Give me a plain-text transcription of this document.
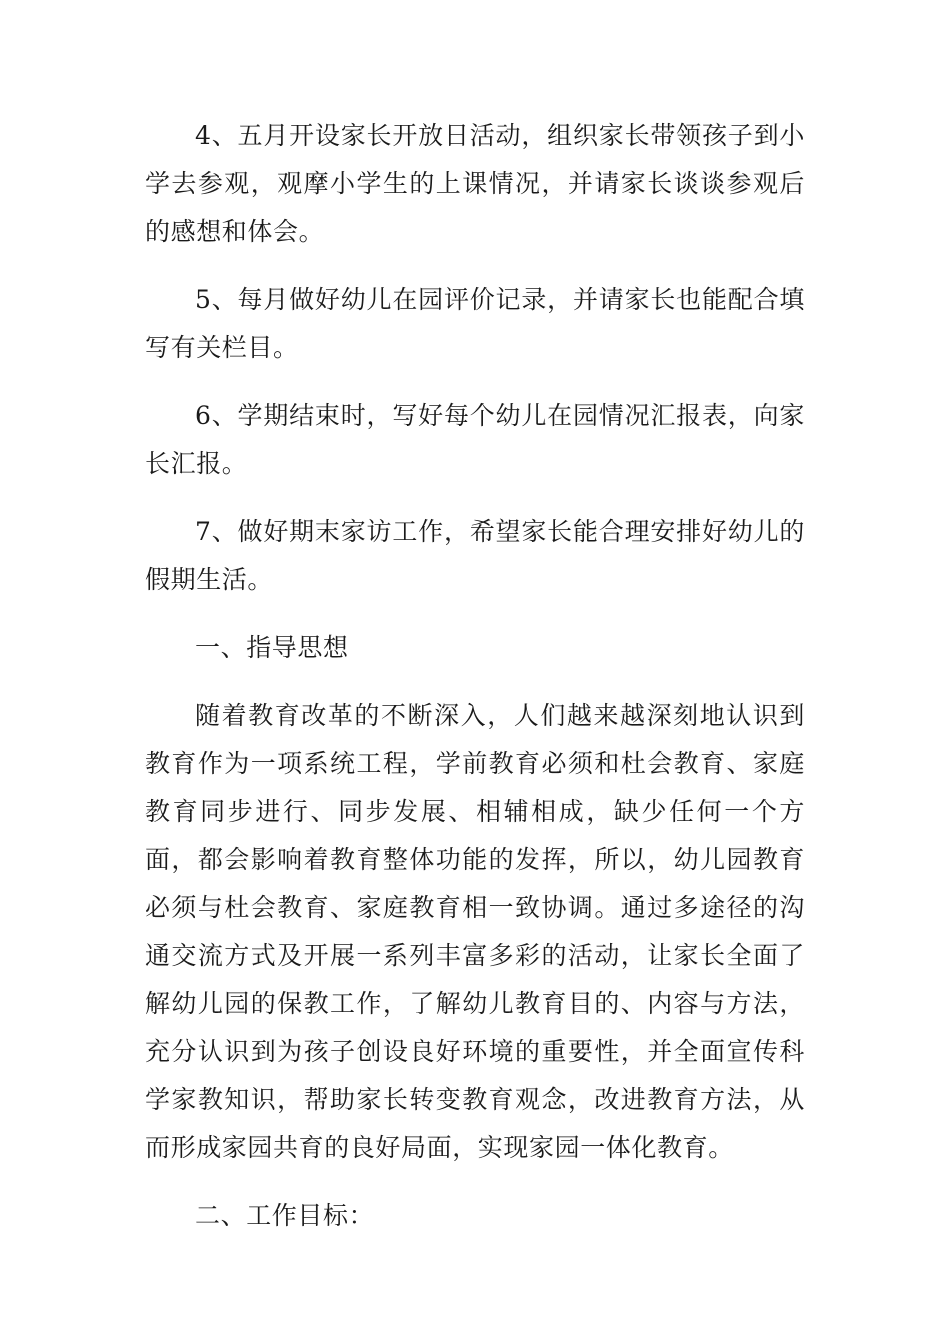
4、五月开设家长开放日活动，组织家长带领孩子到小学去参观，观摩小学生的上课情况，并请家长谈谈参观后的感想和体会。

5、每月做好幼儿在园评价记录，并请家长也能配合填写有关栏目。

6、学期结束时，写好每个幼儿在园情况汇报表，向家长汇报。

7、做好期末家访工作，希望家长能合理安排好幼儿的假期生活。

一、指导思想

随着教育改革的不断深入，人们越来越深刻地认识到教育作为一项系统工程，学前教育必须和杜会教育、家庭教育同步进行、同步发展、相辅相成，缺少任何一个方面，都会影响着教育整体功能的发挥，所以，幼儿园教育必须与杜会教育、家庭教育相一致协调。通过多途径的沟通交流方式及开展一系列丰富多彩的活动，让家长全面了解幼儿园的保教工作，了解幼儿教育目的、内容与方法，充分认识到为孩子创设良好环境的重要性，并全面宣传科学家教知识，帮助家长转变教育观念，改进教育方法，从而形成家园共育的良好局面，实现家园一体化教育。

二、工作目标：
